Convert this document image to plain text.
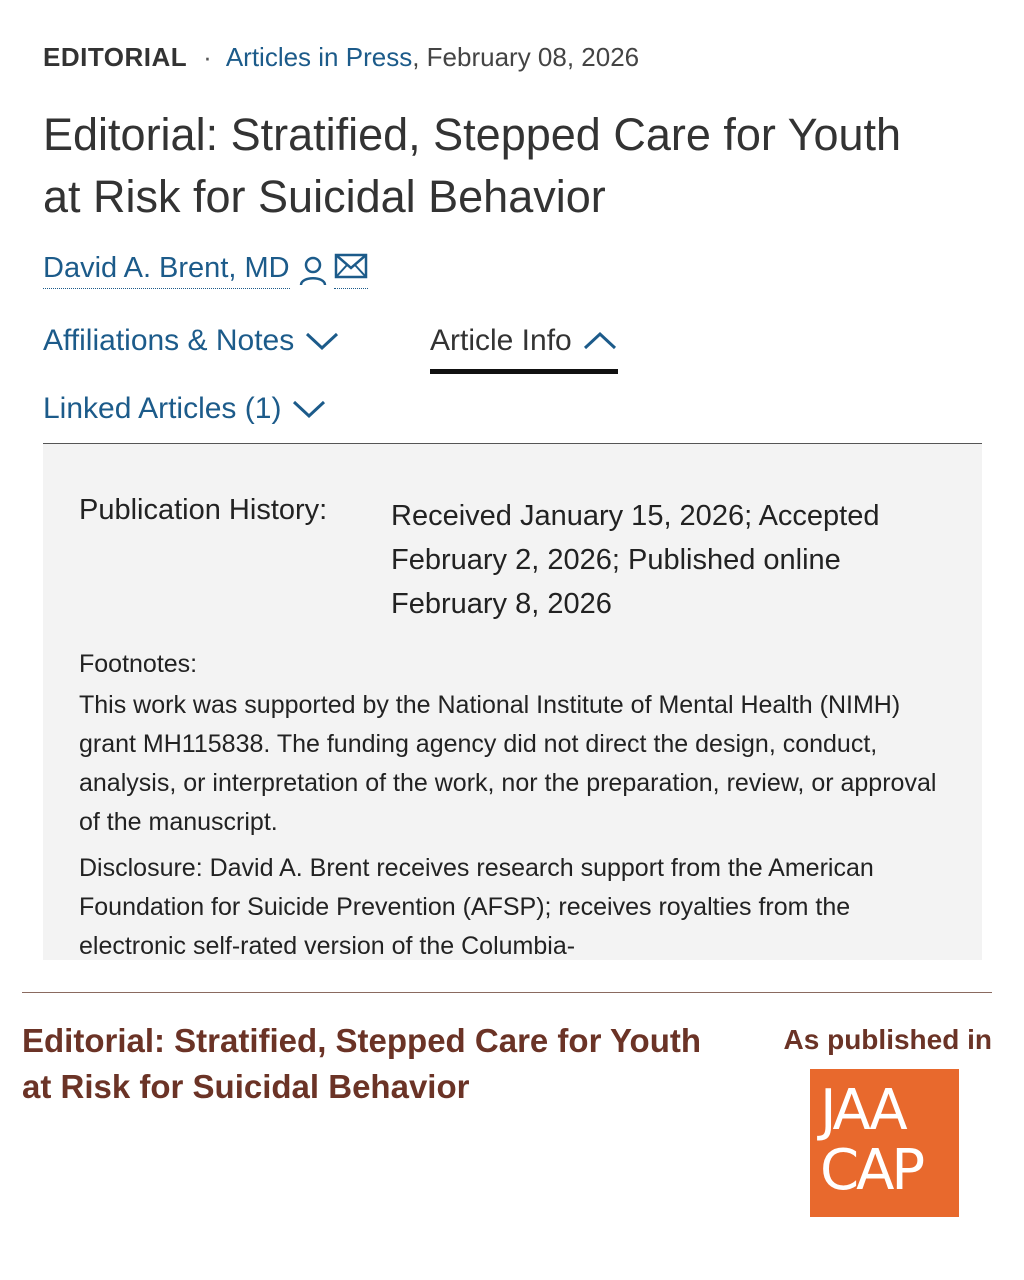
EDITORIAL · Articles in Press , February 08, 2026
Editorial: Stratified, Stepped Care for Youth at Risk for Suicidal Behavior
David A. Brent, MD
Affiliations & Notes	Article Info
Linked Articles (1)
Publication History: Received January 15, 2026; Accepted February 2, 2026; Published online February 8, 2026
Footnotes:

This work was supported by the National Institute of Mental Health (NIMH) grant MH115838. The funding agency did not direct the design, conduct, analysis, or interpretation of the work, nor the preparation, review, or approval of the manuscript.

Disclosure: David A. Brent receives research support from the American Foundation for Suicide Prevention (AFSP); receives royalties from the electronic self-rated version of the Columbia-

Editorial: Stratified, Stepped Care for Youth at Risk for Suicidal Behavior
As published in
JAA
CAP
